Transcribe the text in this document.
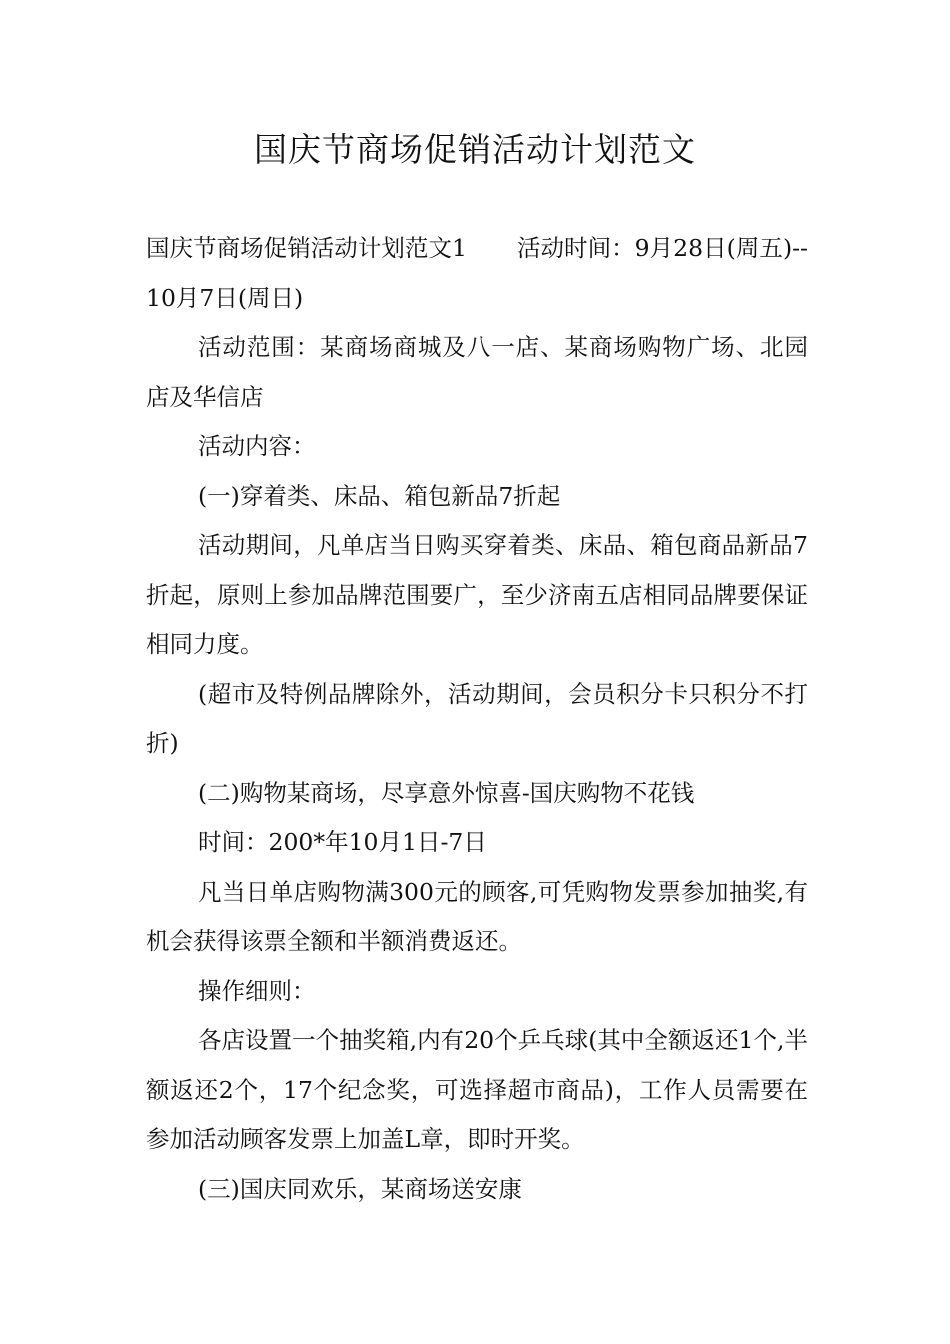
国庆节商场促销活动计划范文

国庆节商场促销活动计划范文1 活动时间：9月28日(周五)--10月7日(周日)

活动范围：某商场商城及八一店、某商场购物广场、北园店及华信店

活动内容：

(一)穿着类、床品、箱包新品7折起

活动期间，凡单店当日购买穿着类、床品、箱包商品新品7折起，原则上参加品牌范围要广，至少济南五店相同品牌要保证相同力度。

(超市及特例品牌除外，活动期间，会员积分卡只积分不打折)

(二)购物某商场，尽享意外惊喜-国庆购物不花钱

时间：200*年10月1日-7日

凡当日单店购物满300元的顾客,可凭购物发票参加抽奖,有机会获得该票全额和半额消费返还。

操作细则：

各店设置一个抽奖箱,内有20个乒乓球(其中全额返还1个,半额返还2个，17个纪念奖，可选择超市商品)，工作人员需要在参加活动顾客发票上加盖L章，即时开奖。

(三)国庆同欢乐，某商场送安康
